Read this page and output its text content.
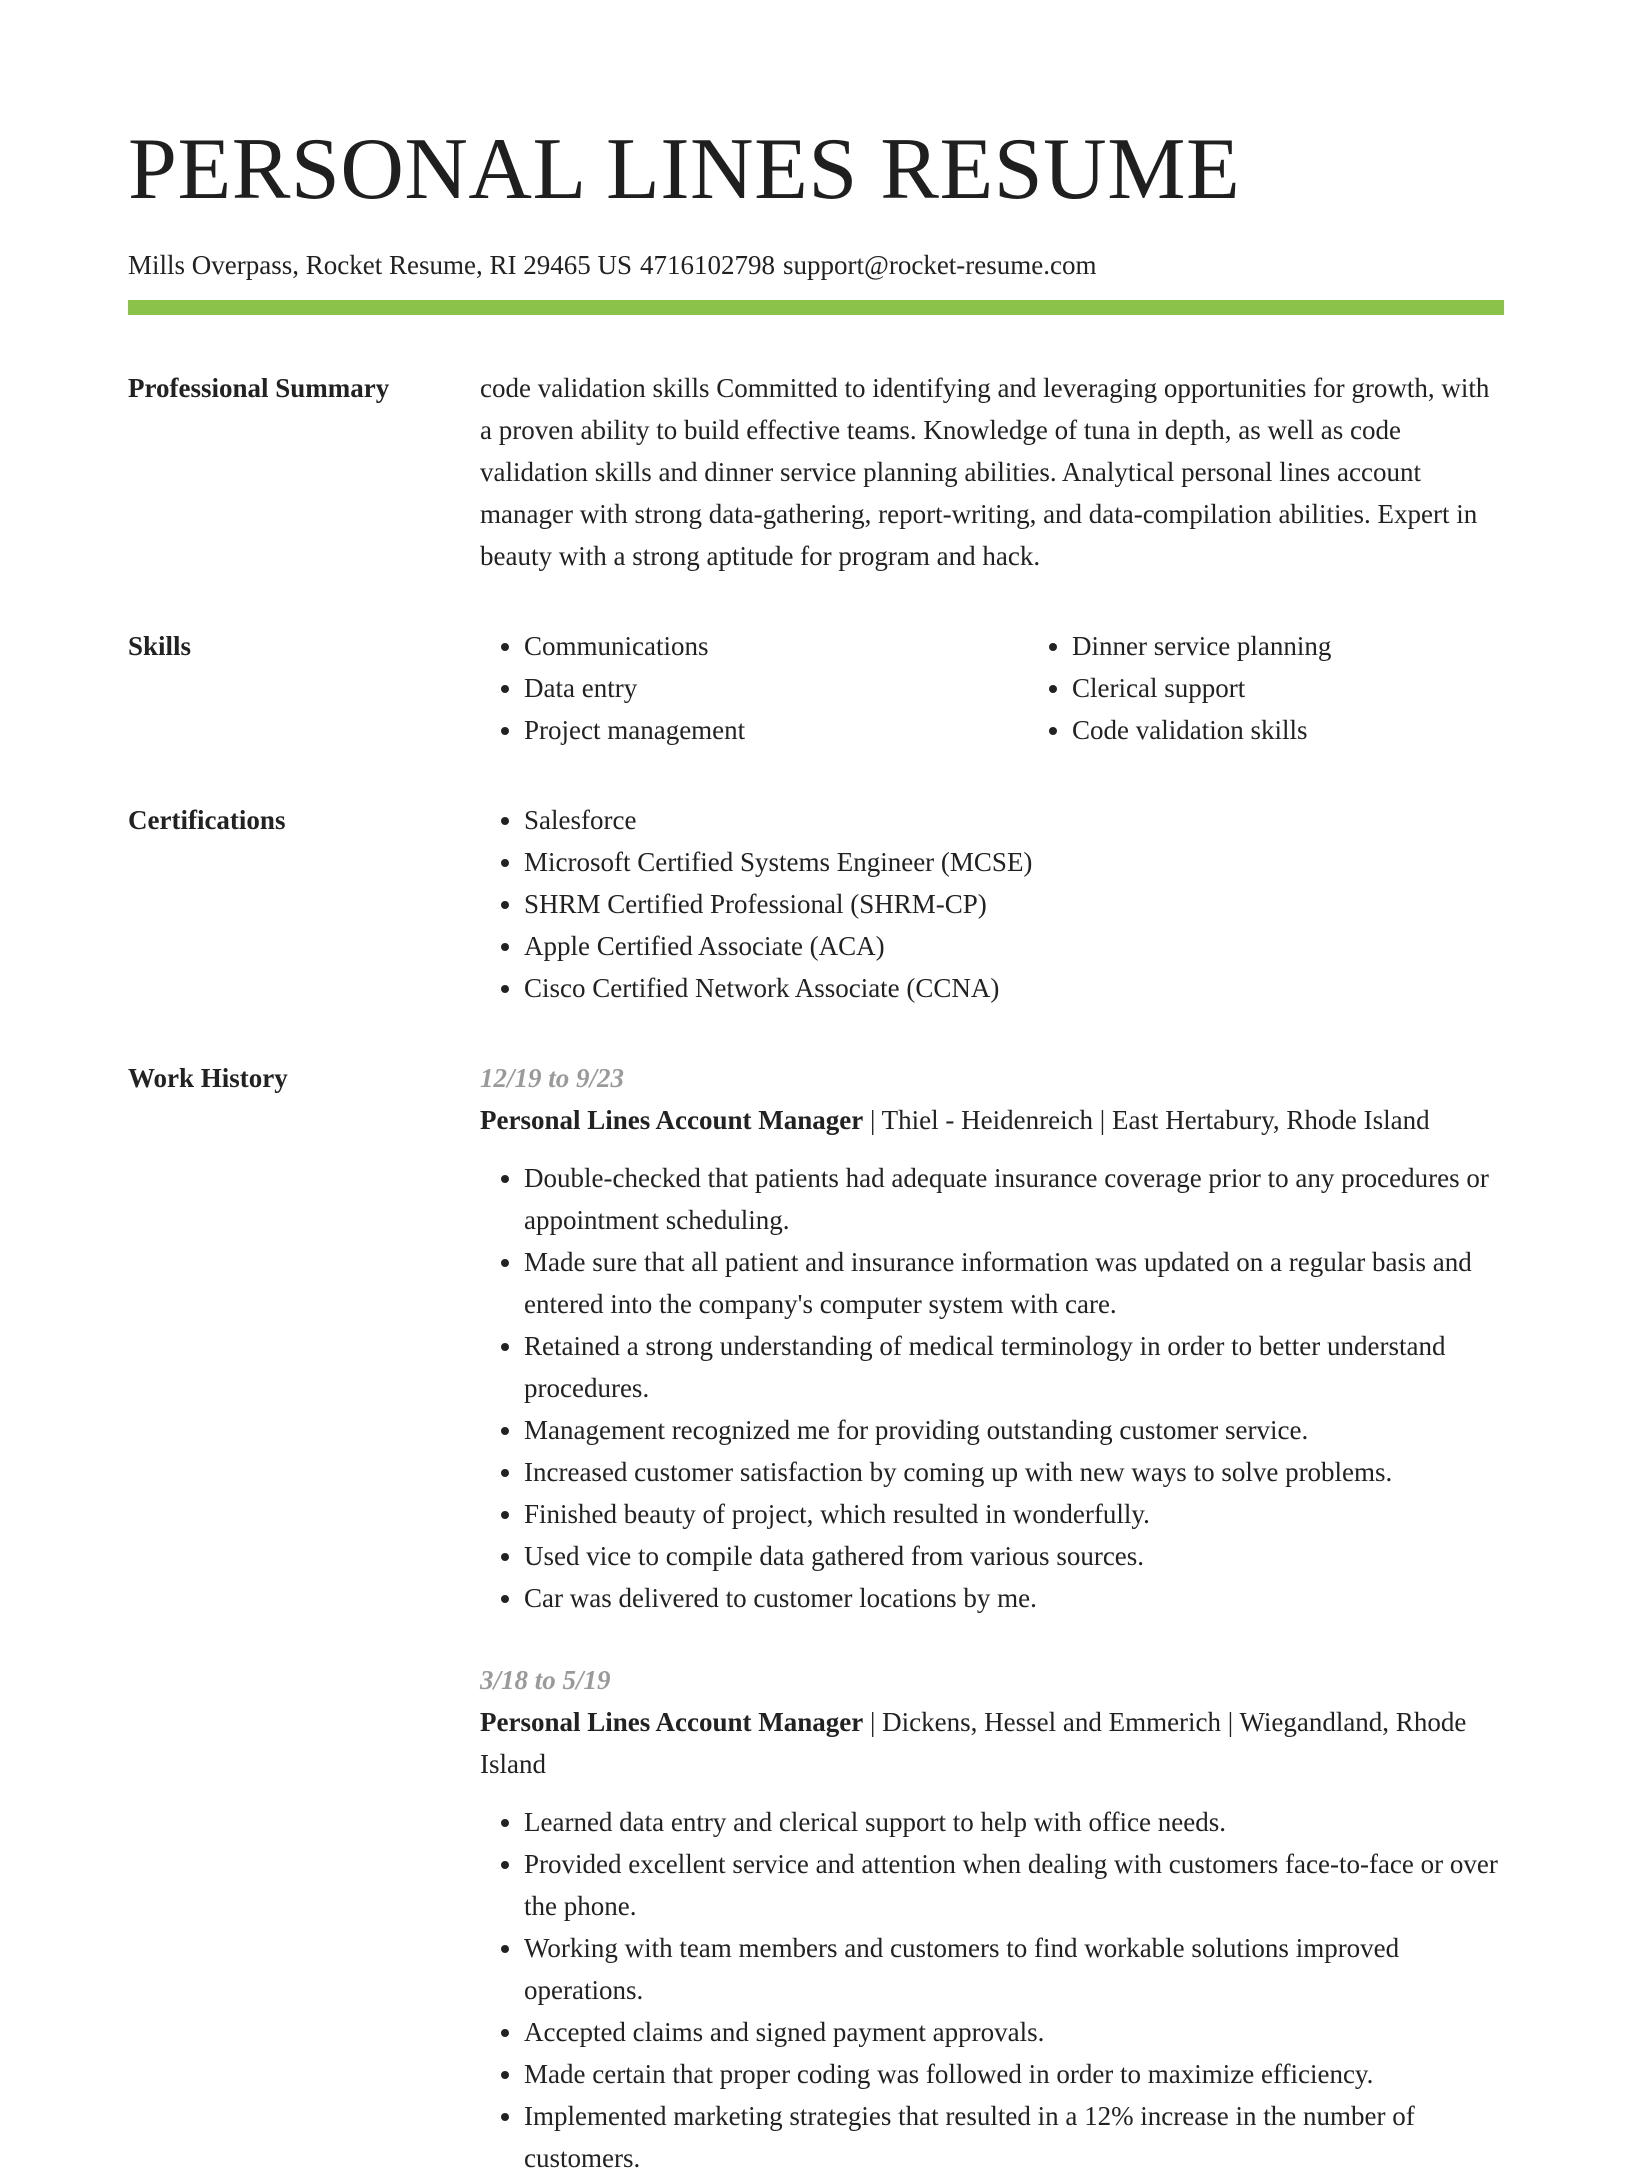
PERSONAL LINES RESUME
Mills Overpass, Rocket Resume, RI 29465 US 4716102798 support@rocket-resume.com
Professional Summary	code validation skills Committed to identifying and leveraging opportunities for growth, with a proven ability to build effective teams. Knowledge of tuna in depth, as well as code validation skills and dinner service planning abilities. Analytical personal lines account manager with strong data-gathering, report-writing, and data-compilation abilities. Expert in beauty with a strong aptitude for program and hack.

Skills	• Communications
• Data entry
• Project management
• Dinner service planning
• Clerical support
• Code validation skills
Certifications	• Salesforce
• Microsoft Certified Systems Engineer (MCSE)
• SHRM Certified Professional (SHRM-CP)
• Apple Certified Associate (ACA)
• Cisco Certified Network Associate (CCNA)
Work History	12/19 to 9/23

Personal Lines Account Manager | Thiel - Heidenreich | East Hertabury, Rhode Island

• Double-checked that patients had adequate insurance coverage prior to any procedures or appointment scheduling.
• Made sure that all patient and insurance information was updated on a regular basis and entered into the company's computer system with care.
• Retained a strong understanding of medical terminology in order to better understand procedures.
• Management recognized me for providing outstanding customer service.
• Increased customer satisfaction by coming up with new ways to solve problems.
• Finished beauty of project, which resulted in wonderfully.
• Used vice to compile data gathered from various sources.
• Car was delivered to customer locations by me.
3/18 to 5/19

Personal Lines Account Manager | Dickens, Hessel and Emmerich | Wiegandland, Rhode Island

• Learned data entry and clerical support to help with office needs.
• Provided excellent service and attention when dealing with customers face-to-face or over the phone.
• Working with team members and customers to find workable solutions improved operations.
• Accepted claims and signed payment approvals.
• Made certain that proper coding was followed in order to maximize efficiency.
• Implemented marketing strategies that resulted in a 12% increase in the number of customers.
